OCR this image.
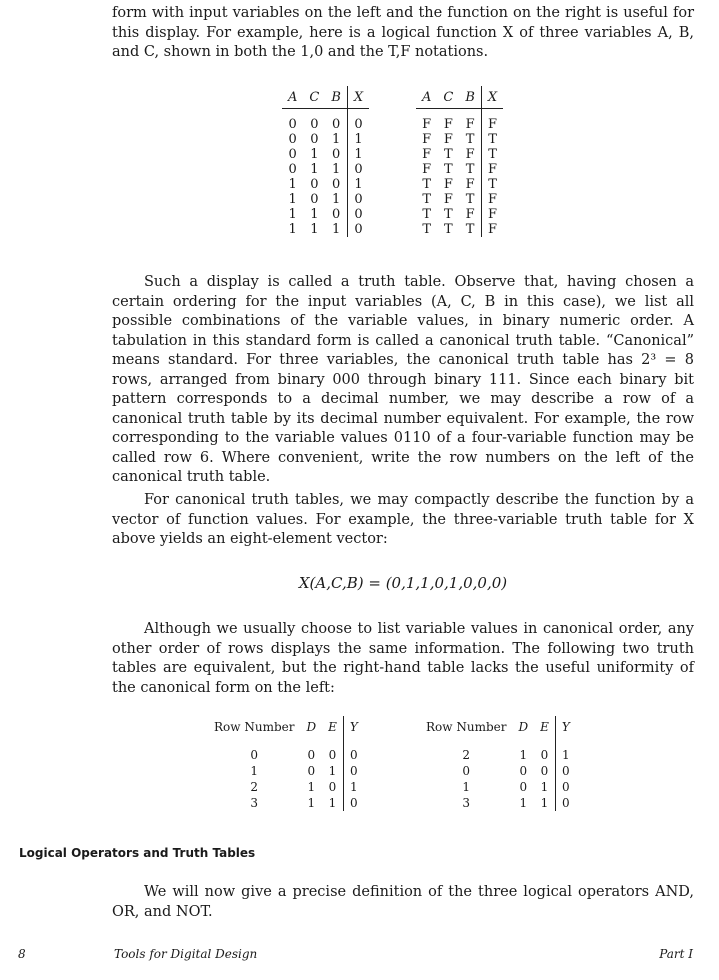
form with input variables on the left and the function on the right is useful for this display. For example, here is a logical function X of three variables A, B, and C, shown in both the 1,0 and the T,F notations.

A	C	B	X

0	0	0	0
0	0	1	1
0	1	0	1
0	1	1	0
1	0	0	1
1	0	1	0
1	1	0	0
1	1	1	0
A	C	B	X

F	F	F	F
F	F	T	T
F	T	F	T
F	T	T	F
T	F	F	T
T	F	T	F
T	T	F	F
T	T	T	F

Such a display is called a truth table. Observe that, having chosen a certain ordering for the input variables (A, C, B in this case), we list all possible combinations of the variable values, in binary numeric order. A tabulation in this standard form is called a canonical truth table. “Canonical” means standard. For three variables, the canonical truth table has 2³ = 8 rows, arranged from binary 000 through binary 111. Since each binary bit pattern corresponds to a decimal number, we may describe a row of a canonical truth table by its decimal number equivalent. For example, the row corresponding to the variable values 0110 of a four-variable function may be called row 6. Where convenient, write the row numbers on the left of the canonical truth table.

For canonical truth tables, we may compactly describe the function by a vector of function values. For example, the three-variable truth table for X above yields an eight-element vector:

X(A,C,B) = (0,1,1,0,1,0,0,0)

Although we usually choose to list variable values in canonical order, any other order of rows displays the same information. The following two truth tables are equivalent, but the right-hand table lacks the useful uniformity of the canonical form on the left:

Row Number	D	E	Y

0	0	0	0
1	0	1	0
2	1	0	1
3	1	1	0
Row Number	D	E	Y

2	1	0	1
0	0	0	0
1	0	1	0
3	1	1	0
Logical Operators and Truth Tables

We will now give a precise definition of the three logical operators AND, OR, and NOT.

8	Tools for Digital Design	Part I
